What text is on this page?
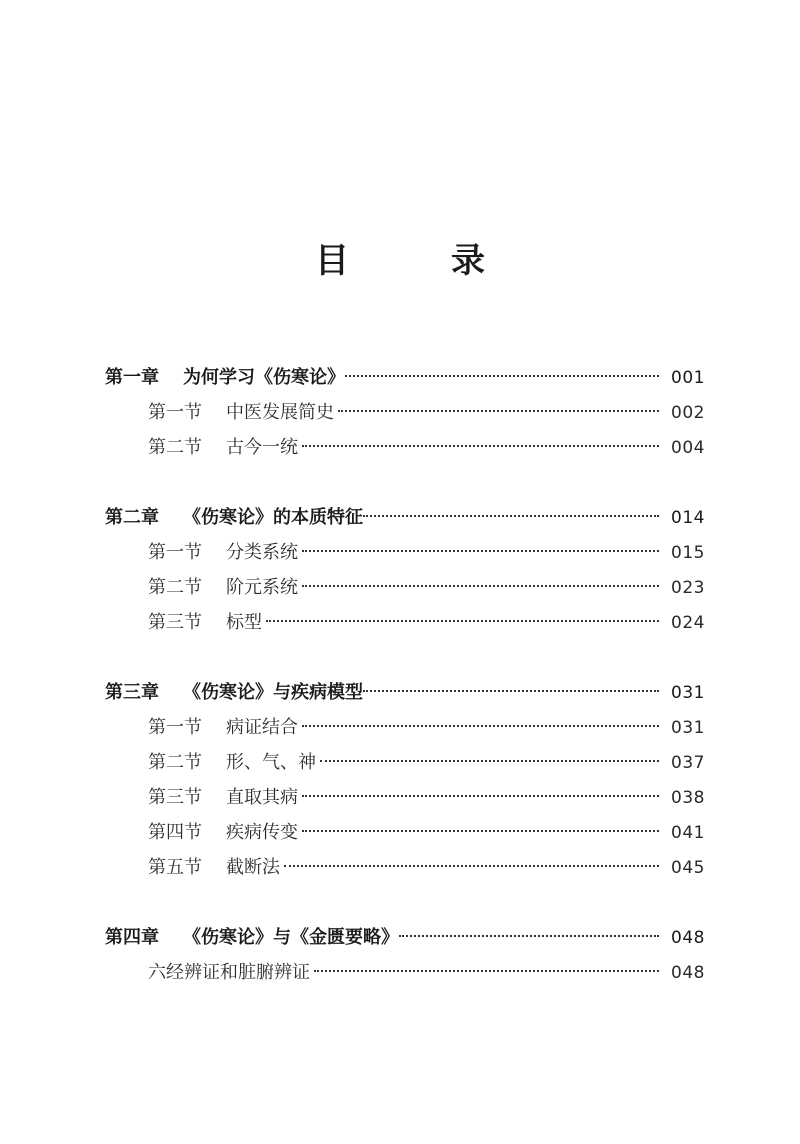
目　录
第一章 为何学习《伤寒论》	001
第一节 中医发展简史	002
第二节 古今一统	004
第二章 《伤寒论》的本质特征	014
第一节 分类系统	015
第二节 阶元系统	023
第三节 标型	024
第三章 《伤寒论》与疾病模型	031
第一节 病证结合	031
第二节 形、气、神	037
第三节 直取其病	038
第四节 疾病传变	041
第五节 截断法	045
第四章 《伤寒论》与《金匮要略》	048
六经辨证和脏腑辨证	048
